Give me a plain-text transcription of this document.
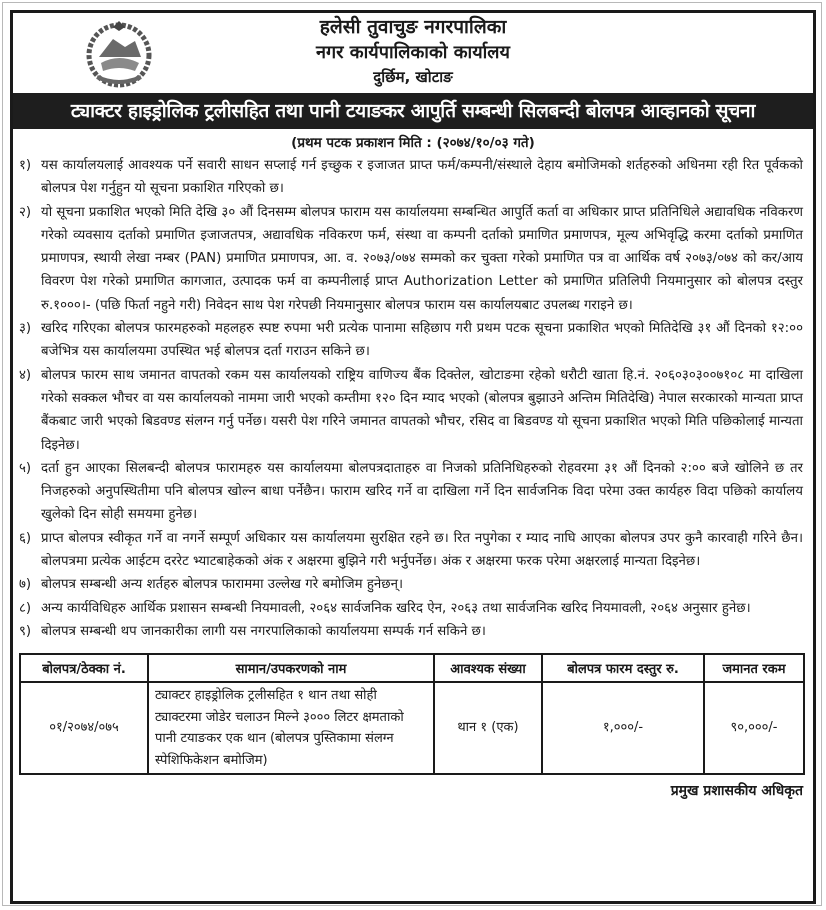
हलेसी तुवाचुङ नगरपालिका
नगर कार्यपालिकाको कार्यालय
दुर्छिम, खोटाङ
ट्याक्टर हाइड्रोलिक ट्रलीसहित तथा पानी टयाङकर आपुर्ति सम्बन्धी सिलबन्दी बोलपत्र आव्हानको सूचना
(प्रथम पटक प्रकाशन मिति : (२०७४/१०/०३ गते)
१) यस कार्यालयलाई आवश्यक पर्ने सवारी साधन सप्लाई गर्न इच्छुक र इजाजत प्राप्त फर्म/कम्पनी/संस्थाले देहाय बमोजिमको शर्तहरुको अधिनमा रही रित पूर्वकको बोलपत्र पेश गर्नुहुन यो सूचना प्रकाशित गरिएको छ।
२) यो सूचना प्रकाशित भएको मिति देखि ३० औं दिनसम्म बोलपत्र फाराम यस कार्यालयमा सम्बन्धित आपुर्ति कर्ता वा अधिकार प्राप्त प्रतिनिधिले अद्यावधिक नविकरण गरेको व्यवसाय दर्ताको प्रमाणित इजाजतपत्र, अद्यावधिक नविकरण फर्म, संस्था वा कम्पनी दर्ताको प्रमाणित प्रमाणपत्र, मूल्य अभिवृद्धि करमा दर्ताको प्रमाणित प्रमाणपत्र, स्थायी लेखा नम्बर (PAN) प्रमाणित प्रमाणपत्र, आ. व. २०७३/०७४ सम्मको कर चुक्ता गरेको प्रमाणित पत्र वा आर्थिक वर्ष २०७३/०७४ को कर/आय विवरण पेश गरेको प्रमाणित कागजात, उत्पादक फर्म वा कम्पनीलाई प्राप्त Authorization Letter को प्रमाणित प्रतिलिपी नियमानुसार को बोलपत्र दस्तुर रु.१०००।- (पछि फिर्ता नहुने गरी) निवेदन साथ पेश गरेपछी नियमानुसार बोलपत्र फाराम यस कार्यालयबाट उपलब्ध गराइने छ।
३) खरिद गरिएका बोलपत्र फारमहरुको महलहरु स्पष्ट रुपमा भरी प्रत्येक पानामा सहिछाप गरी प्रथम पटक सूचना प्रकाशित भएको मितिदेखि ३१ औं दिनको १२:०० बजेभित्र यस कार्यालयमा उपस्थित भई बोलपत्र दर्ता गराउन सकिने छ।
४) बोलपत्र फारम साथ जमानत वापतको रकम यस कार्यालयको राष्ट्रिय वाणिज्य बैंक दिक्तेल, खोटाङमा रहेको धरौटी खाता हि.नं. २०६०३०३००७१०८ मा दाखिला गरेको सक्कल भौचर वा यस कार्यालयको नाममा जारी भएको कम्तीमा १२० दिन म्याद भएको (बोलपत्र बुझाउने अन्तिम मितिदेखि) नेपाल सरकारको मान्यता प्राप्त बैंकबाट जारी भएको बिडवण्ड संलग्न गर्नु पर्नेछ। यसरी पेश गरिने जमानत वापतको भौचर, रसिद वा बिडवण्ड यो सूचना प्रकाशित भएको मिति पछिकोलाई मान्यता दिइनेछ।
५) दर्ता हुन आएका सिलबन्दी बोलपत्र फारामहरु यस कार्यालयमा बोलपत्रदाताहरु वा निजको प्रतिनिधिहरुको रोहवरमा ३१ औं दिनको २:०० बजे खोलिने छ तर निजहरुको अनुपस्थितीमा पनि बोलपत्र खोल्न बाधा पर्नेछैन। फाराम खरिद गर्ने वा दाखिला गर्ने दिन सार्वजनिक विदा परेमा उक्त कार्यहरु विदा पछिको कार्यालय खुलेको दिन सोही समयमा हुनेछ।
६) प्राप्त बोलपत्र स्वीकृत गर्ने वा नगर्ने सम्पूर्ण अधिकार यस कार्यालयमा सुरक्षित रहने छ। रित नपुगेका र म्याद नाघि आएका बोलपत्र उपर कुनै कारवाही गरिने छैन। बोलपत्रमा प्रत्येक आईटम दररेट भ्याटबाहेकको अंक र अक्षरमा बुझिने गरी भर्नुपर्नेछ। अंक र अक्षरमा फरक परेमा अक्षरलाई मान्यता दिइनेछ।
७) बोलपत्र सम्बन्धी अन्य शर्तहरु बोलपत्र फाराममा उल्लेख गरे बमोजिम हुनेछन्।
८) अन्य कार्यविधिहरु आर्थिक प्रशासन सम्बन्धी नियमावली, २०६४ सार्वजनिक खरिद ऐन, २०६३ तथा सार्वजनिक खरिद नियमावली, २०६४ अनुसार हुनेछ।
९) बोलपत्र सम्बन्धी थप जानकारीका लागी यस नगरपालिकाको कार्यालयमा सम्पर्क गर्न सकिने छ।
बोलपत्र/ठेक्का नं.	सामान/उपकरणको नाम	आवश्यक संख्या	बोलपत्र फारम दस्तुर रु.	जमानत रकम
०१/२०७४/०७५	ट्याक्टर हाइड्रोलिक ट्रलीसहित १ थान तथा सोही ट्याक्टरमा जोडेर चलाउन मिल्ने ३००० लिटर क्षमताको पानी टयाङकर एक थान (बोलपत्र पुस्तिकामा संलग्न स्पेशिफिकेशन बमोजिम)	थान १ (एक)	१,०००/-	९०,०००/-
प्रमुख प्रशासकीय अधिकृत
